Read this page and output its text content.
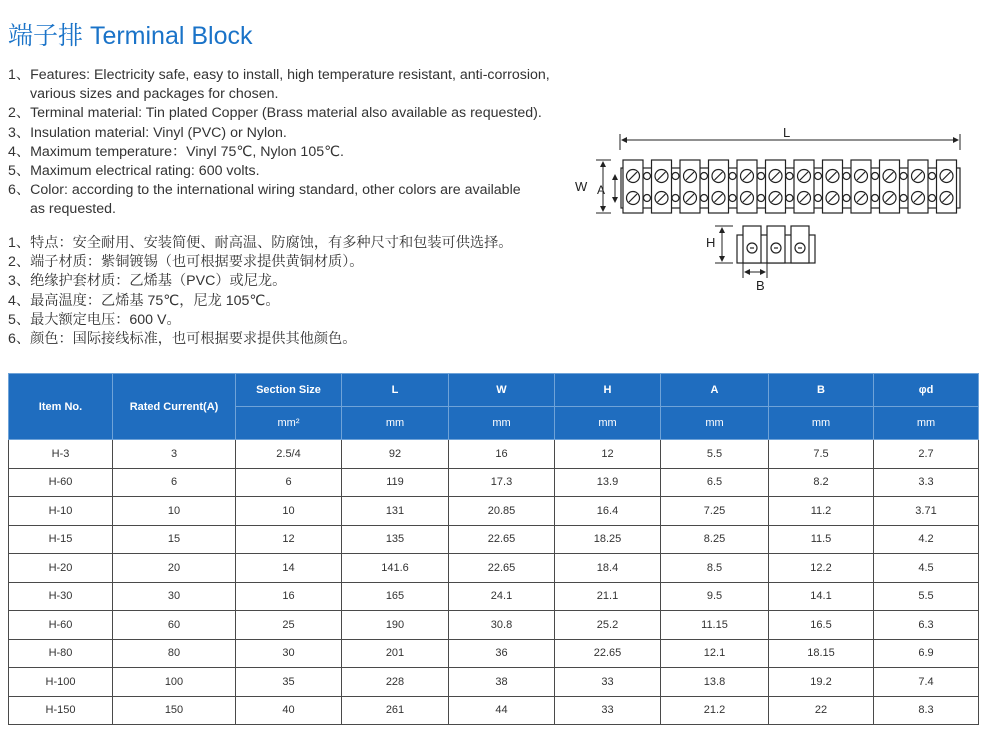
端子排 Terminal Block
1、Features: Electricity safe, easy to install, high temperature resistant, anti-corrosion,
various sizes and packages for chosen.
2、Terminal material: Tin plated Copper (Brass material also available as requested).
3、Insulation material: Vinyl (PVC) or Nylon.
4、Maximum temperature：Vinyl 75℃, Nylon 105℃.
5、Maximum electrical rating: 600 volts.
6、Color: according to the international wiring standard, other colors are available
as requested.
1、特点：安全耐用、安装简便、耐高温、防腐蚀，有多种尺寸和包装可供选择。
2、端子材质：紫铜镀锡（也可根据要求提供黄铜材质）。
3、绝缘护套材质：乙烯基（PVC）或尼龙。
4、最高温度：乙烯基 75℃，尼龙 105℃。
5、最大额定电压：600 V。
6、颜色：国际接线标准，也可根据要求提供其他颜色。
L
W A
H
B
Item No.	Rated Current(A)	Section Size	L	W	H	A	B	φd
		mm²	mm	mm	mm	mm	mm	mm
H-3	3	2.5/4	92	16	12	5.5	7.5	2.7
H-60	6	6	119	17.3	13.9	6.5	8.2	3.3
H-10	10	10	131	20.85	16.4	7.25	11.2	3.71
H-15	15	12	135	22.65	18.25	8.25	11.5	4.2
H-20	20	14	141.6	22.65	18.4	8.5	12.2	4.5
H-30	30	16	165	24.1	21.1	9.5	14.1	5.5
H-60	60	25	190	30.8	25.2	11.15	16.5	6.3
H-80	80	30	201	36	22.65	12.1	18.15	6.9
H-100	100	35	228	38	33	13.8	19.2	7.4
H-150	150	40	261	44	33	21.2	22	8.3
